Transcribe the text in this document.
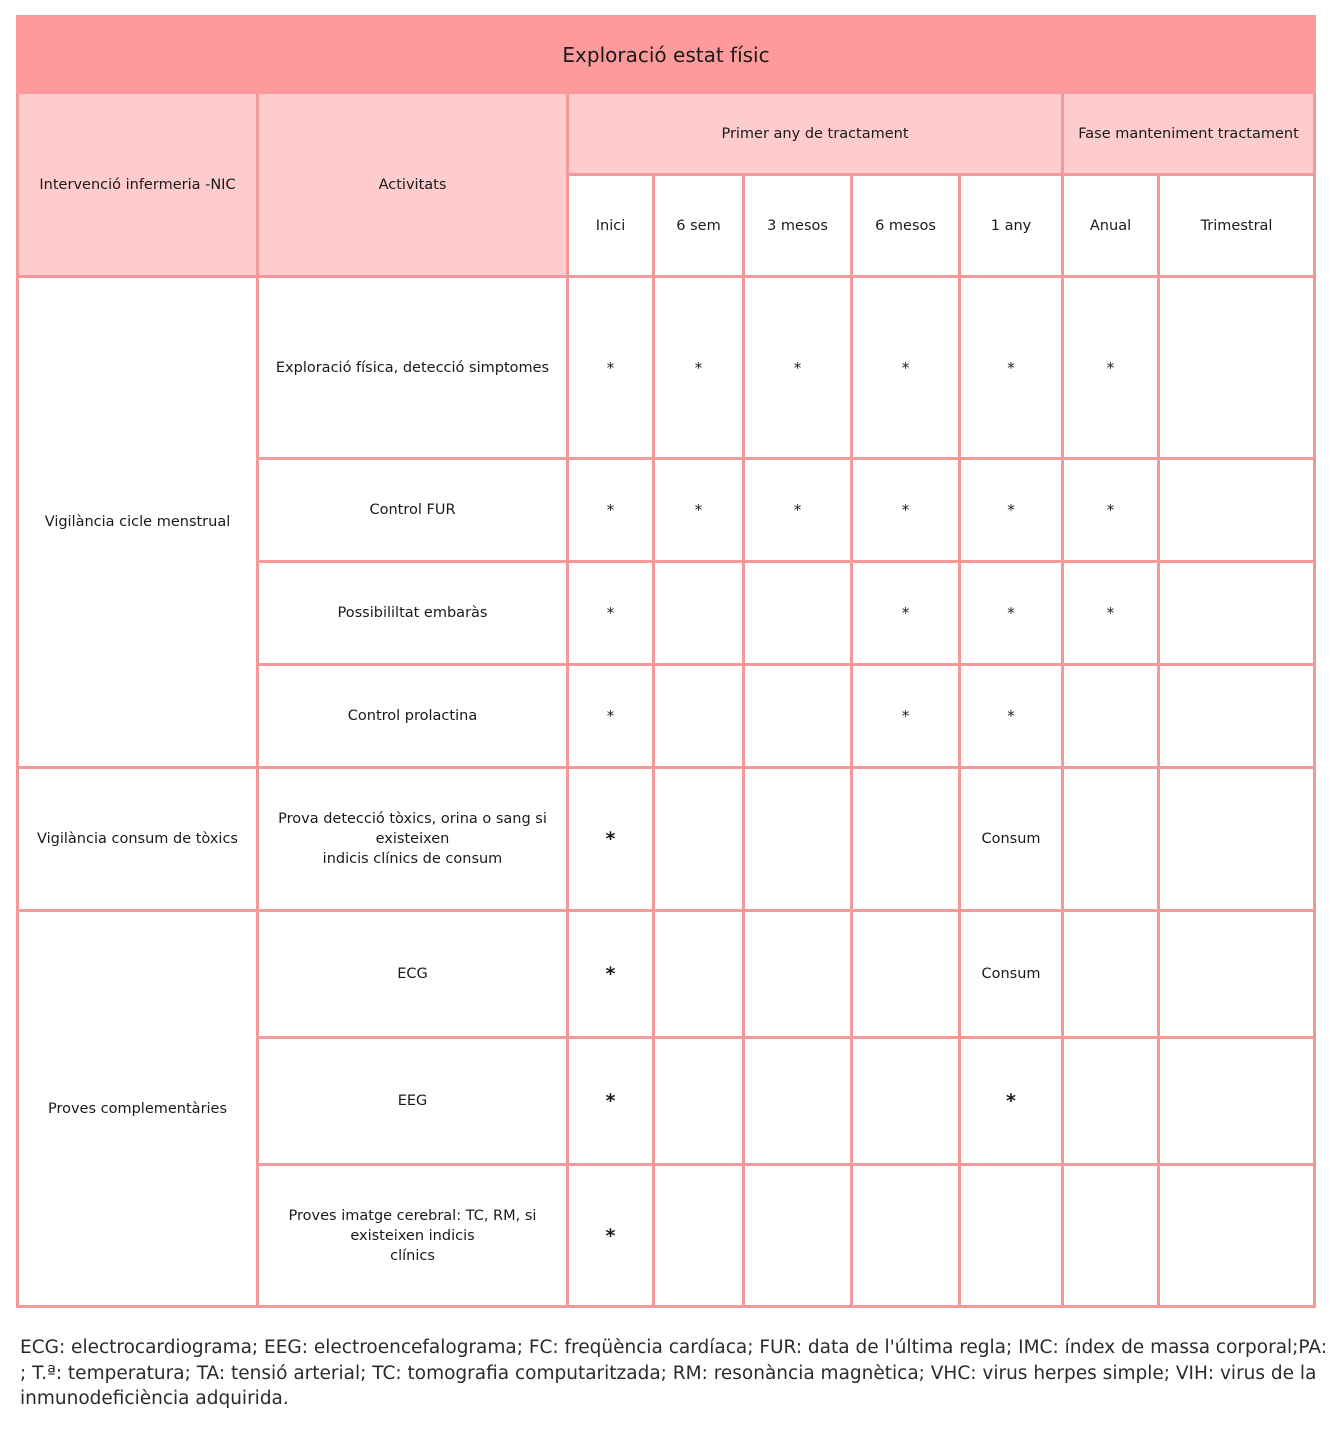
Exploració estat físic								
Intervenció infermeria -NIC	Activitats	Primer any de tractament					Fase manteniment tractament	
		Inici	6 sem	3 mesos	6 mesos	1 any	Anual	Trimestral
Vigilància cicle menstrual	Exploració física, detecció simptomes	*	*	*	*	*	*	
	Control FUR	*	*	*	*	*	*	
	Possibililtat embaràs	*			*	*	*	
	Control prolactina	*			*	*		
Vigilància consum de tòxics	Prova detecció tòxics, orina o sang si existeixen
indicis clínics de consum	*				Consum		
Proves complementàries	ECG	*				Consum		
	EEG	*				*		
	Proves imatge cerebral: TC, RM, si existeixen indicis
clínics	*						

ECG: electrocardiograma; EEG: electroencefalograma; FC: freqüència cardíaca; FUR: data de l'última regla; IMC: índex de massa corporal;PA: ; T.ª: temperatura; TA: tensió arterial; TC: tomografia computaritzada; RM: resonància magnètica; VHC: virus herpes simple; VIH: virus de la inmunodeficiència adquirida.
